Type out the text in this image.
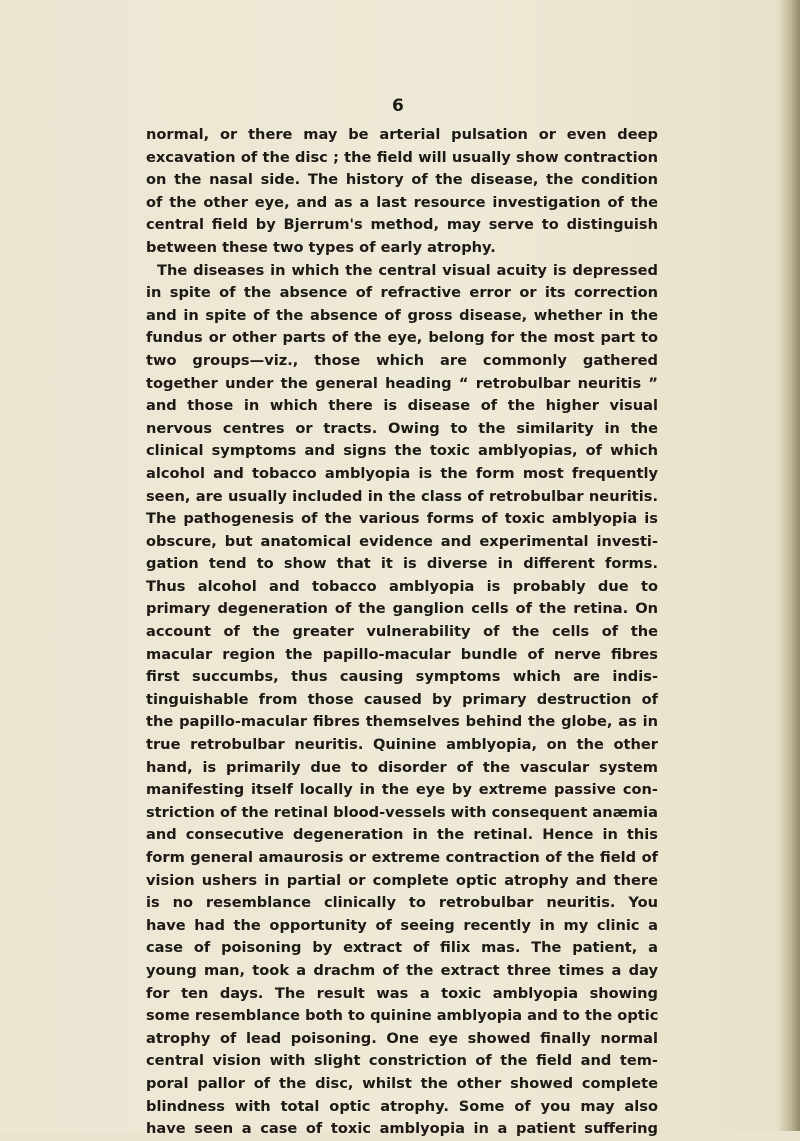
6
normal, or there may be arterial pulsation or even deep
excavation of the disc ; the field will usually show contraction
on the nasal side. The history of the disease, the condition
of the other eye, and as a last resource investigation of the
central field by Bjerrum's method, may serve to distinguish
between these two types of early atrophy.
The diseases in which the central visual acuity is depressed
in spite of the absence of refractive error or its correction
and in spite of the absence of gross disease, whether in the
fundus or other parts of the eye, belong for the most part to
two groups—viz., those which are commonly gathered
together under the general heading “ retrobulbar neuritis ”
and those in which there is disease of the higher visual
nervous centres or tracts. Owing to the similarity in the
clinical symptoms and signs the toxic amblyopias, of which
alcohol and tobacco amblyopia is the form most frequently
seen, are usually included in the class of retrobulbar neuritis.
The pathogenesis of the various forms of toxic amblyopia is
obscure, but anatomical evidence and experimental investi-
gation tend to show that it is diverse in different forms.
Thus alcohol and tobacco amblyopia is probably due to
primary degeneration of the ganglion cells of the retina. On
account of the greater vulnerability of the cells of the
macular region the papillo-macular bundle of nerve fibres
first succumbs, thus causing symptoms which are indis-
tinguishable from those caused by primary destruction of
the papillo-macular fibres themselves behind the globe, as in
true retrobulbar neuritis. Quinine amblyopia, on the other
hand, is primarily due to disorder of the vascular system
manifesting itself locally in the eye by extreme passive con-
striction of the retinal blood-vessels with consequent anæmia
and consecutive degeneration in the retinal. Hence in this
form general amaurosis or extreme contraction of the field of
vision ushers in partial or complete optic atrophy and there
is no resemblance clinically to retrobulbar neuritis. You
have had the opportunity of seeing recently in my clinic a
case of poisoning by extract of filix mas. The patient, a
young man, took a drachm of the extract three times a day
for ten days. The result was a toxic amblyopia showing
some resemblance both to quinine amblyopia and to the optic
atrophy of lead poisoning. One eye showed finally normal
central vision with slight constriction of the field and tem-
poral pallor of the disc, whilst the other showed complete
blindness with total optic atrophy. Some of you may also
have seen a case of toxic amblyopia in a patient suffering
